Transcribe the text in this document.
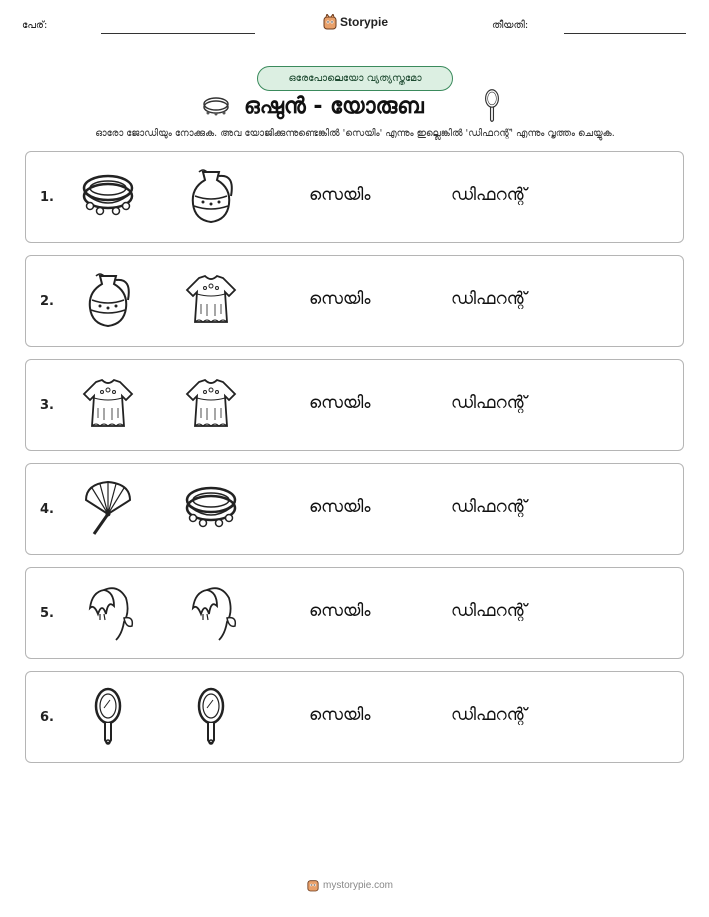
പേര്:	Storypie	തീയതി:
ഒരേപോലെയോ വ്യത്യസ്തമോ
ഒഷുൻ - യോരുബ
ഓരോ ജോഡിയും നോക്കുക. അവ യോജിക്കുന്നുണ്ടെങ്കിൽ 'സെയിം' എന്നും ഇല്ലെങ്കിൽ 'ഡിഫറന്റ്' എന്നും വൃത്തം ചെയ്യുക.
1.	സെയിം	ഡിഫറന്റ്
2.	സെയിം	ഡിഫറന്റ്
3.	സെയിം	ഡിഫറന്റ്
4.	സെയിം	ഡിഫറന്റ്
5.	സെയിം	ഡിഫറന്റ്
6.	സെയിം	ഡിഫറന്റ്
mystorypie.com
